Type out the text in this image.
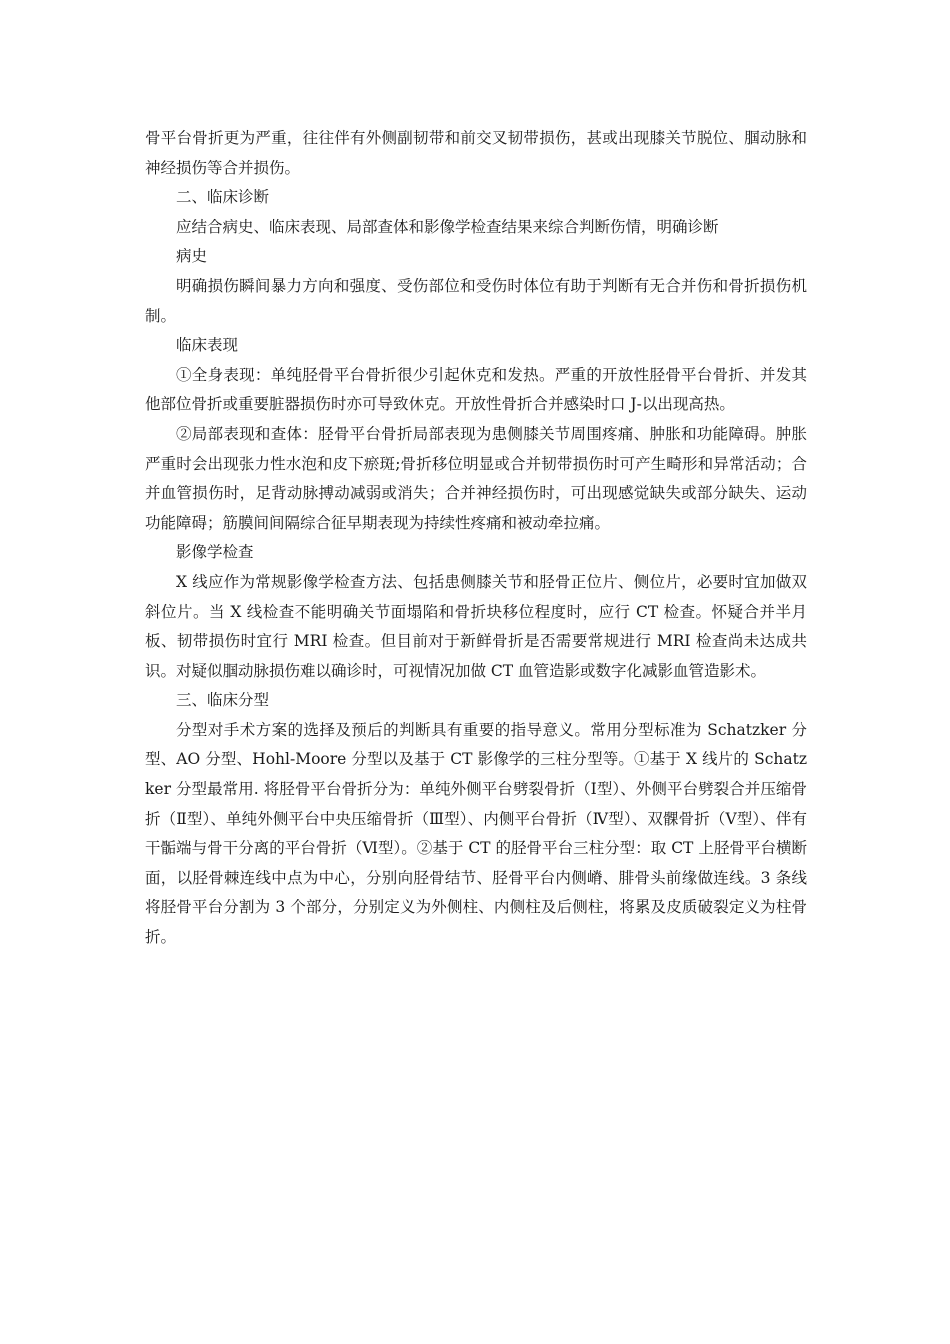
骨平台骨折更为严重，往往伴有外侧副韧带和前交叉韧带损伤，甚或出现膝关节脱位、腘动脉和神经损伤等合并损伤。

二、临床诊断

应结合病史、临床表现、局部查体和影像学检查结果来综合判断伤情，明确诊断

病史

明确损伤瞬间暴力方向和强度、受伤部位和受伤时体位有助于判断有无合并伤和骨折损伤机制。

临床表现

①全身表现：单纯胫骨平台骨折很少引起休克和发热。严重的开放性胫骨平台骨折、并发其他部位骨折或重要脏器损伤时亦可导致休克。开放性骨折合并感染时口 J-以出现高热。

②局部表现和查体：胫骨平台骨折局部表现为患侧膝关节周围疼痛、肿胀和功能障碍。肿胀严重时会出现张力性水泡和皮下瘀斑;骨折移位明显或合并韧带损伤时可产生畸形和异常活动；合并血管损伤时，足背动脉搏动减弱或消失；合并神经损伤时，可出现感觉缺失或部分缺失、运动功能障碍；筋膜间间隔综合征早期表现为持续性疼痛和被动牵拉痛。

影像学检查

X 线应作为常规影像学检查方法、包括患侧膝关节和胫骨正位片、侧位片，必要时宜加做双斜位片。当 X 线检查不能明确关节面塌陷和骨折块移位程度时，应行 CT 检查。怀疑合并半月板、韧带损伤时宜行 MRI 检查。但目前对于新鲜骨折是否需要常规进行 MRI 检查尚未达成共识。对疑似腘动脉损伤难以确诊时，可视情况加做 CT 血管造影或数字化减影血管造影术。

三、临床分型

分型对手术方案的选择及预后的判断具有重要的指导意义。常用分型标准为 Schatzker 分型、AO 分型、Hohl-Moore 分型以及基于 CT 影像学的三柱分型等。①基于 X 线片的 Schatzker 分型最常用. 将胫骨平台骨折分为：单纯外侧平台劈裂骨折（Ⅰ型）、外侧平台劈裂合并压缩骨折（Ⅱ型）、单纯外侧平台中央压缩骨折（Ⅲ型）、内侧平台骨折（Ⅳ型）、双髁骨折（Ⅴ型）、伴有干骺端与骨干分离的平台骨折（Ⅵ型）。②基于 CT 的胫骨平台三柱分型：取 CT 上胫骨平台横断面，以胫骨棘连线中点为中心，分别向胫骨结节、胫骨平台内侧嵴、腓骨头前缘做连线。3 条线将胫骨平台分割为 3 个部分，分别定义为外侧柱、内侧柱及后侧柱，将累及皮质破裂定义为柱骨折。
